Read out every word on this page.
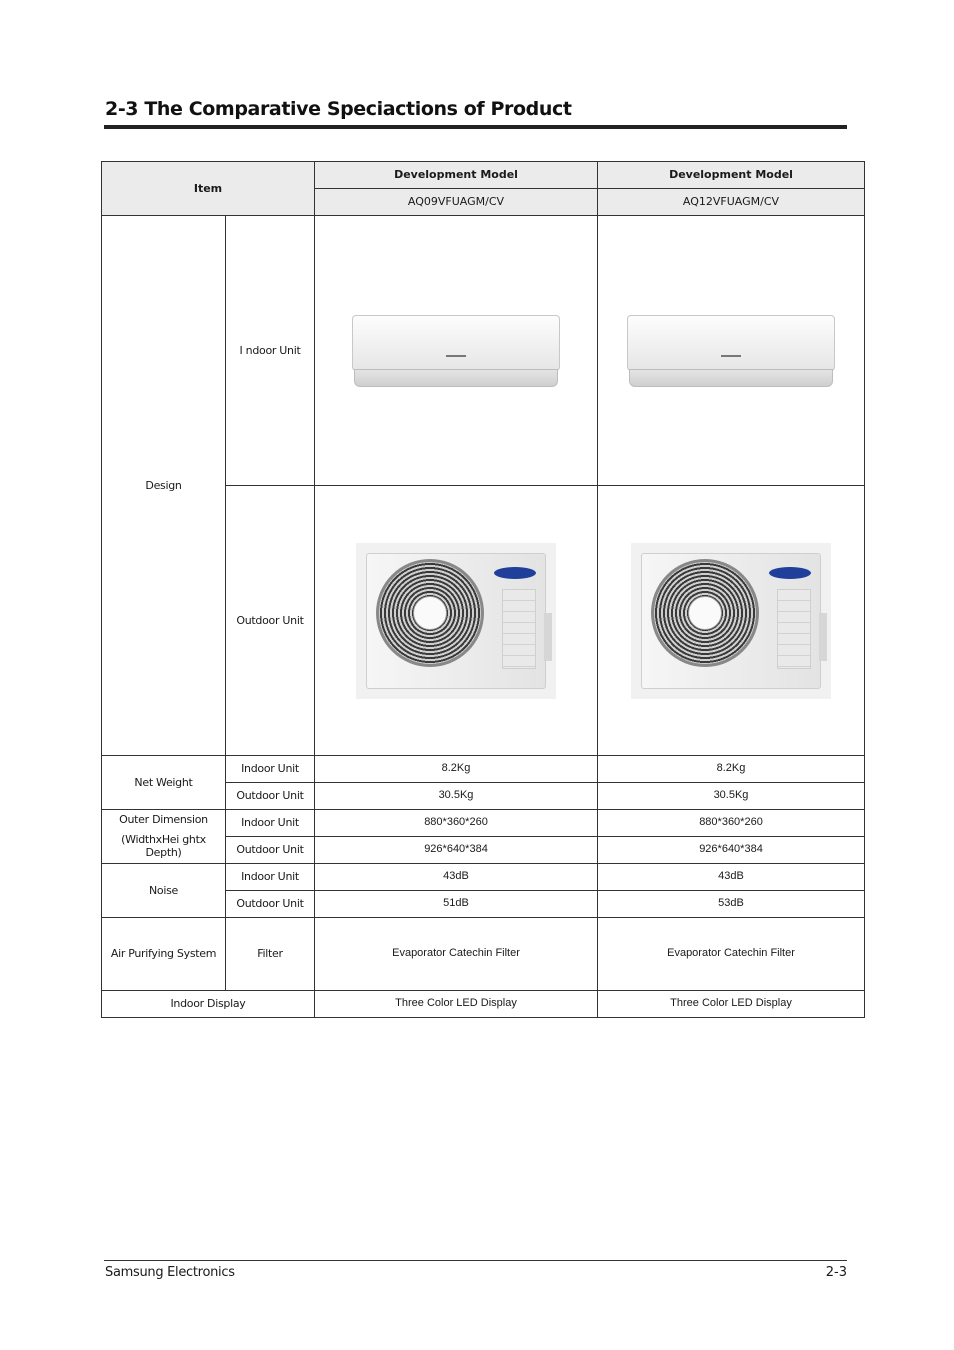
2-3 The Comparative Speciactions of Product
Item		Development Model	Development Model
		AQ09VFUAGM/CV	AQ12VFUAGM/CV
Design	I ndoor Unit	

	Outdoor Unit	

Net Weight	Indoor Unit	8.2Kg	8.2Kg
	Outdoor Unit	30.5Kg	30.5Kg

Outer Dimension
(WidthxHei ghtx Depth)	Indoor Unit	880*360*260	880*360*260
	Outdoor Unit	926*640*384	926*640*384
Noise	Indoor Unit	43dB	43dB
	Outdoor Unit	51dB	53dB
Air Purifying System	Filter	Evaporator Catechin Filter	Evaporator Catechin Filter
Indoor Display		Three Color LED Display	Three Color LED Display
Samsung Electronics	2-3
